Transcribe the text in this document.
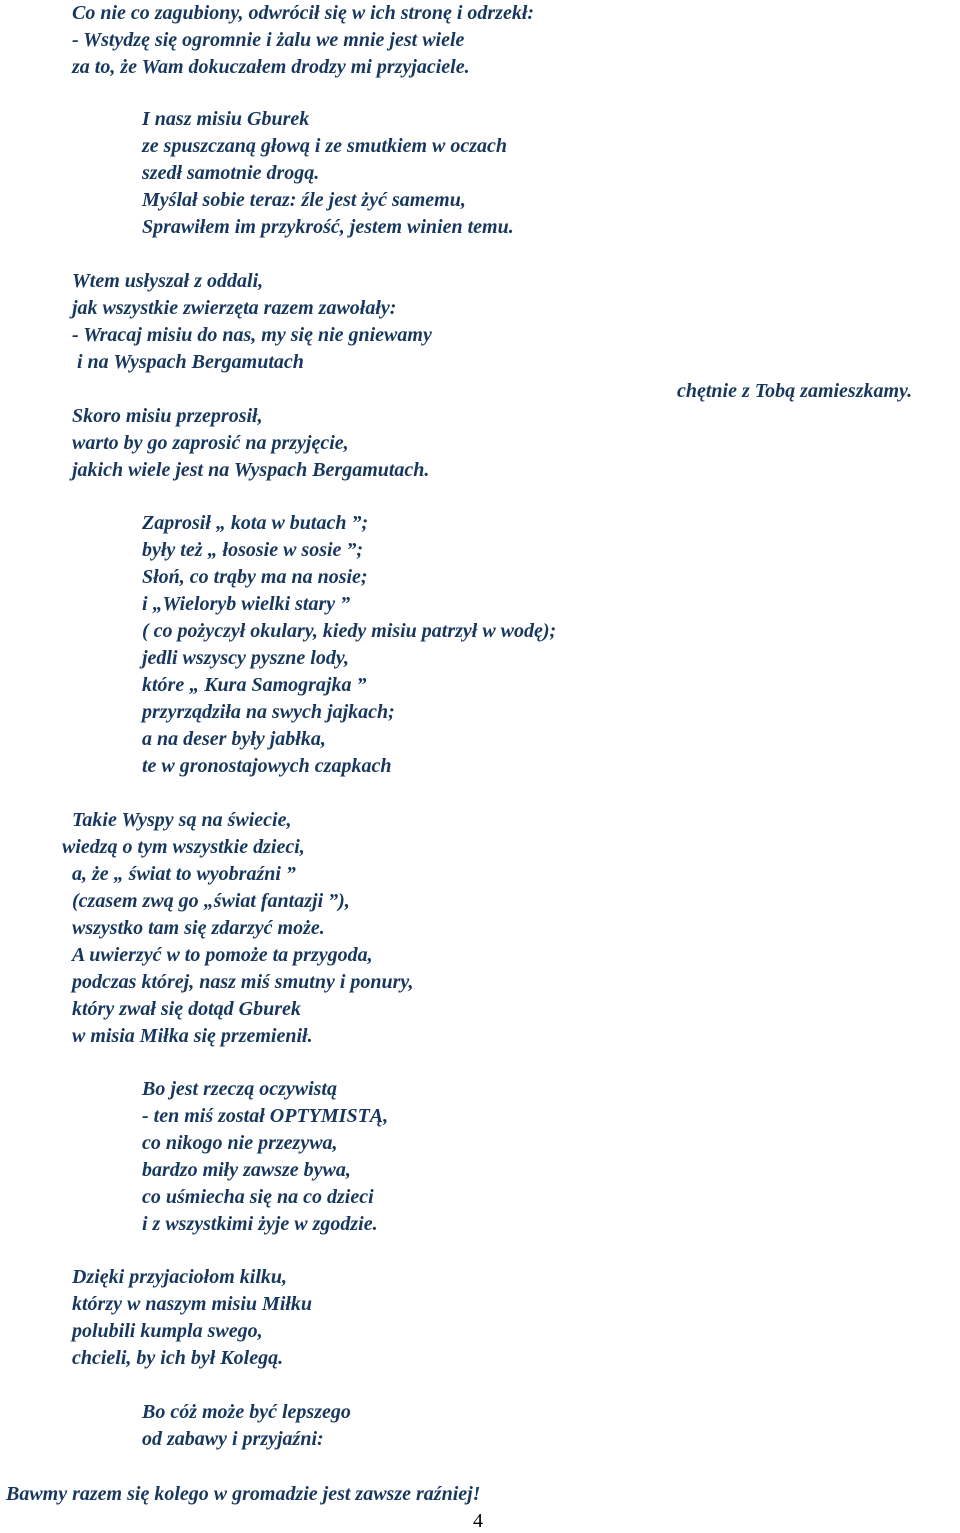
Co nie co zagubiony, odwrócił się w ich stronę i odrzekł:
- Wstydzę się ogromnie i żalu we mnie jest wiele
za to, że Wam dokuczałem drodzy mi przyjaciele.
I nasz misiu Gburek
ze spuszczaną głową i ze smutkiem w oczach
szedł samotnie drogą.
Myślał sobie teraz: źle jest żyć samemu,
Sprawiłem im przykrość, jestem winien temu.
Wtem usłyszał z oddali,
jak wszystkie zwierzęta razem zawołały:
- Wracaj misiu do nas, my się nie gniewamy
i na Wyspach Bergamutach
chętnie z Tobą zamieszkamy.
Skoro misiu przeprosił,
warto by go zaprosić na przyjęcie,
jakich wiele jest na Wyspach Bergamutach.
Zaprosił „ kota w butach ”;
były też „ łososie w sosie ”;
Słoń, co trąby ma na nosie;
i „Wieloryb wielki stary ”
( co pożyczył okulary, kiedy misiu patrzył w wodę);
jedli wszyscy pyszne lody,
które „ Kura Samograjka ”
przyrządziła na swych jajkach;
a na deser były jabłka,
te w gronostajowych czapkach
Takie Wyspy są na świecie,
wiedzą o tym wszystkie dzieci,
a, że „ świat to wyobraźni ”
(czasem zwą go „świat fantazji ”),
wszystko tam się zdarzyć może.
A uwierzyć w to pomoże ta przygoda,
podczas której, nasz miś smutny i ponury,
który zwał się dotąd Gburek
w misia Miłka się przemienił.
Bo jest rzeczą oczywistą
- ten miś został OPTYMISTĄ,
co nikogo nie przezywa,
bardzo miły zawsze bywa,
co uśmiecha się na co dzieci
i z wszystkimi żyje w zgodzie.
Dzięki przyjaciołom kilku,
którzy w naszym misiu Miłku
polubili kumpla swego,
chcieli, by ich był Kolegą.
Bo cóż może być lepszego
od zabawy i przyjaźni:
Bawmy razem się kolego w gromadzie jest zawsze raźniej!
4
